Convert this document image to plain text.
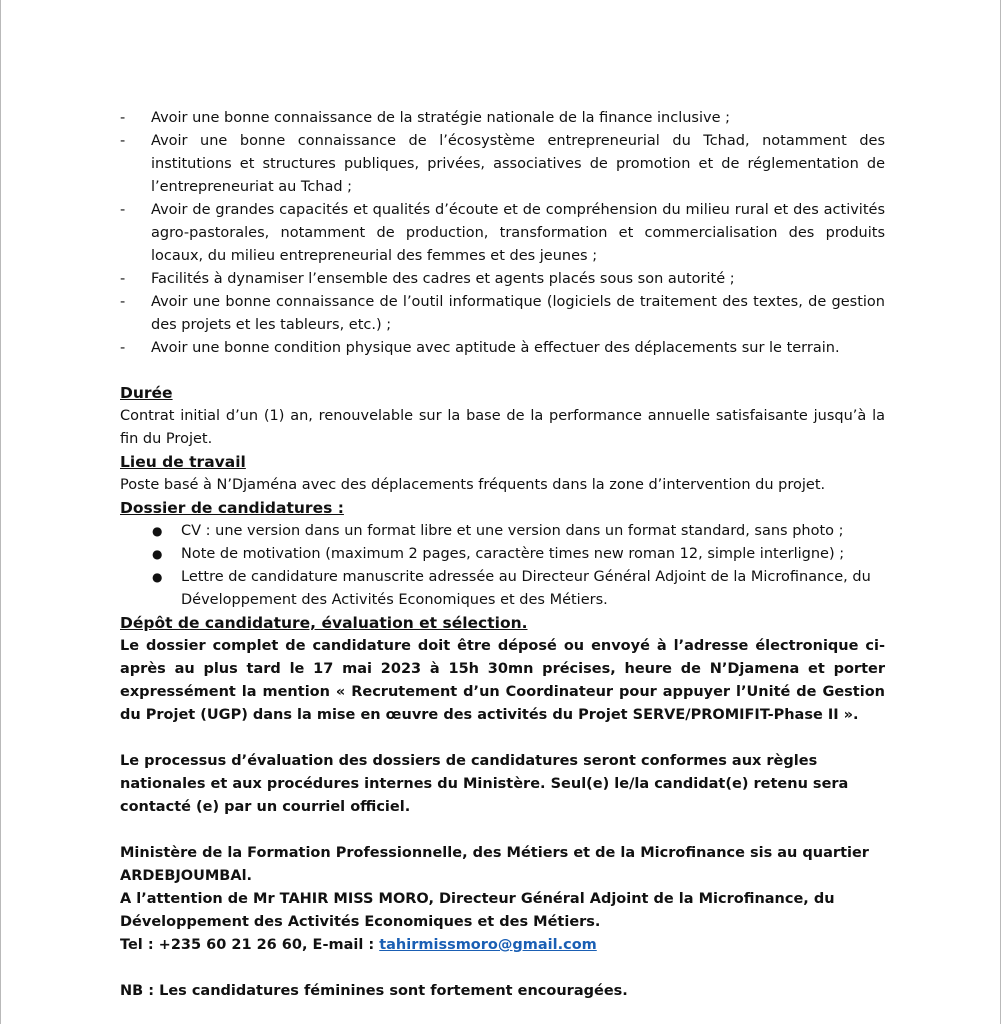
- Avoir une bonne connaissance de la stratégie nationale de la finance inclusive ;
- Avoir une bonne connaissance de l’écosystème entrepreneurial du Tchad, notamment des institutions et structures publiques, privées, associatives de promotion et de réglementation de l’entrepreneuriat au Tchad ;
- Avoir de grandes capacités et qualités d’écoute et de compréhension du milieu rural et des activités agro-pastorales, notamment de production, transformation et commercialisation des produits locaux, du milieu entrepreneurial des femmes et des jeunes ;
- Facilités à dynamiser l’ensemble des cadres et agents placés sous son autorité ;
- Avoir une bonne connaissance de l’outil informatique (logiciels de traitement des textes, de gestion des projets et les tableurs, etc.) ;
- Avoir une bonne condition physique avec aptitude à effectuer des déplacements sur le terrain.
Durée
Contrat initial d’un (1) an, renouvelable sur la base de la performance annuelle satisfaisante jusqu’à la fin du Projet.
Lieu de travail
Poste basé à N’Djaména avec des déplacements fréquents dans la zone d’intervention du projet.
Dossier de candidatures :
● CV : une version dans un format libre et une version dans un format standard, sans photo ;
● Note de motivation (maximum 2 pages, caractère times new roman 12, simple interligne) ;
● Lettre de candidature manuscrite adressée au Directeur Général Adjoint de la Microfinance, du Développement des Activités Economiques et des Métiers.
Dépôt de candidature, évaluation et sélection.
Le dossier complet de candidature doit être déposé ou envoyé à l’adresse électronique ci-après au plus tard le 17 mai 2023 à 15h 30mn précises, heure de N’Djamena et porter expressément la mention « Recrutement d’un Coordinateur pour appuyer l’Unité de Gestion du Projet (UGP) dans la mise en œuvre des activités du Projet SERVE/PROMIFIT-Phase II ».
Le processus d’évaluation des dossiers de candidatures seront conformes aux règles nationales et aux procédures internes du Ministère. Seul(e) le/la candidat(e) retenu sera contacté (e) par un courriel officiel.
Ministère de la Formation Professionnelle, des Métiers et de la Microfinance sis au quartier ARDEBJOUMBAl.
A l’attention de Mr TAHIR MISS MORO, Directeur Général Adjoint de la Microfinance, du Développement des Activités Economiques et des Métiers.
Tel : +235 60 21 26 60, E-mail : tahirmissmoro@gmail.com
NB : Les candidatures féminines sont fortement encouragées.
